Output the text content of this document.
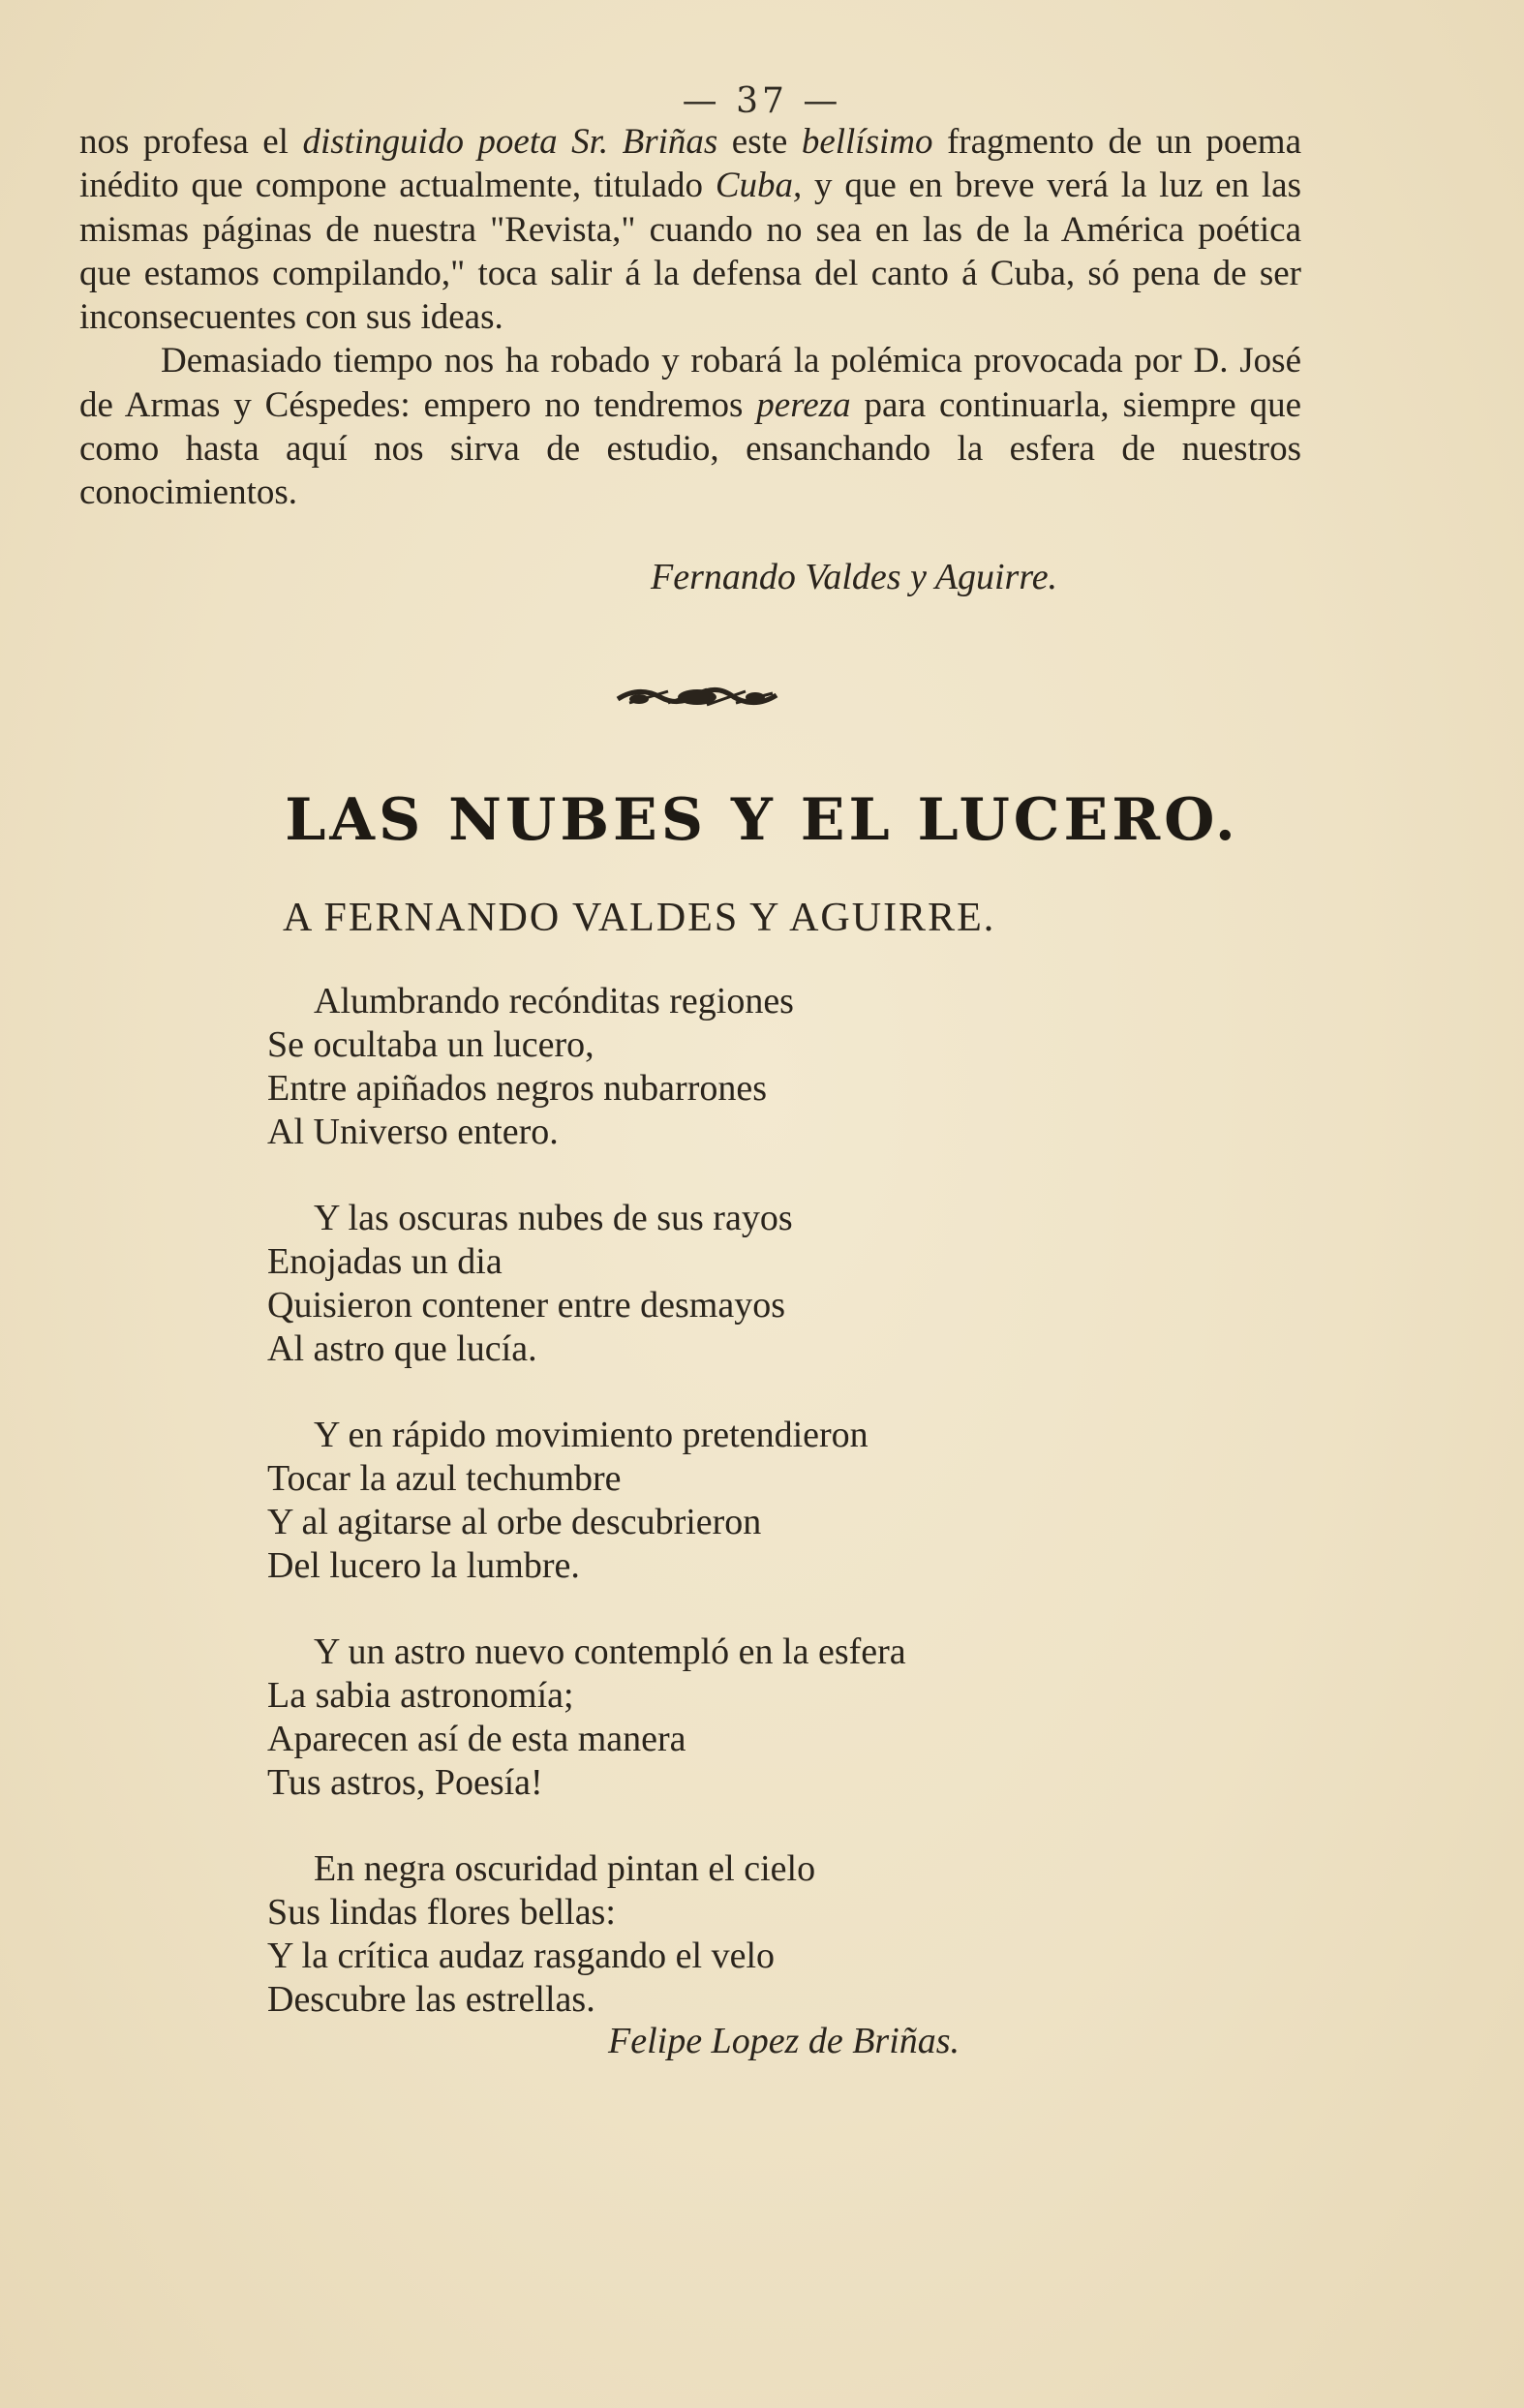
— 37 —

nos profesa el distinguido poeta Sr. Briñas este bellísimo fragmento de un poema inédito que compone actualmente, titulado Cuba, y que en breve verá la luz en las mismas páginas de nuestra "Revista," cuando no sea en las de la América poética que estamos compilando," toca salir á la defensa del canto á Cuba, só pena de ser inconsecuentes con sus ideas.

Demasiado tiempo nos ha robado y robará la polémica provocada por D. José de Armas y Céspedes: empero no tendremos pereza para continuarla, siempre que como hasta aquí nos sirva de estudio, ensanchando la esfera de nuestros conocimientos.

Fernando Valdes y Aguirre.
LAS NUBES Y EL LUCERO.
A FERNANDO VALDES Y AGUIRRE.
Alumbrando recónditas regiones
Se ocultaba un lucero,
Entre apiñados negros nubarrones
Al Universo entero.
Y las oscuras nubes de sus rayos
Enojadas un dia
Quisieron contener entre desmayos
Al astro que lucía.
Y en rápido movimiento pretendieron
Tocar la azul techumbre
Y al agitarse al orbe descubrieron
Del lucero la lumbre.
Y un astro nuevo contempló en la esfera
La sabia astronomía;
Aparecen así de esta manera
Tus astros, Poesía!
En negra oscuridad pintan el cielo
Sus lindas flores bellas:
Y la crítica audaz rasgando el velo
Descubre las estrellas.
Felipe Lopez de Briñas.
